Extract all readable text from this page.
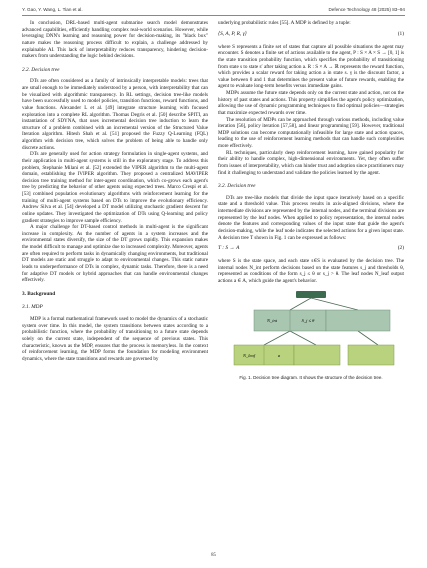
Y. Gao, Y. Wang, L. Tian et al.	Defence Technology 48 (2025) 83–94

In conclusion, DRL-based multi-agent submarine search model demonstrates advanced capabilities, efficiently handling complex real-world scenarios. However, while leveraging DNN's learning and reasoning power for decision-making, its "black box" nature makes the reasoning process difficult to explain, a challenge addressed by explainable AI. This lack of interpretability reduces transparency, hindering decision-makers from understanding the logic behind decisions.

2.2. Decision tree

DTs are often considered as a family of intrinsically interpretable models: trees that are small enough to be immediately understood by a person, with interpretability that can be visualized with algorithmic transparency. In RL settings, decision tree-like models have been successfully used to model policies, transition functions, reward functions, and value functions. Alexander L et al. [49] integrate structure learning with focused exploration into a complete RL algorithm. Thomas Degris et al. [50] describe SPITI, an instantiation of SDYNA, that uses incremental decision tree induction to learn the structure of a problem combined with an incremental version of the Structured Value Iteration algorithm. Hitesh Shah et al. [51] proposed the Fuzzy Q-Learning (FQL) algorithm with decision tree, which solves the problem of being able to handle only discrete actions.

DTs are generally used for action strategy formulation in single-agent systems, and their application in multi-agent systems is still in the exploratory stage. To address this problem, Stephanie Milani et al. [52] extended the VIPER algorithm to the multi-agent domain, establishing the IVIPER algorithm. They proposed a centralized MAVIPER decision tree training method for inter-agent coordination, which co-grows each agent's tree by predicting the behavior of other agents using expected trees. Marco Crespi et al. [53] combined population evolutionary algorithms with reinforcement learning for the training of multi-agent systems based on DTs to improve the evolutionary efficiency. Andrew Silva et al. [54] developed a DT model utilizing stochastic gradient descent for online updates. They investigated the optimization of DTs using Q-learning and policy gradient strategies to improve sample efficiency.

A major challenge for DT-based control methods in multi-agent is the significant increase in complexity. As the number of agents in a system increases and the environmental states diversify, the size of the DT grows rapidly. This expansion makes the model difficult to manage and optimize due to increased complexity. Moreover, agents are often required to perform tasks in dynamically changing environments, but traditional DT models are static and struggle to adapt to environmental changes. This static nature leads to underperformance of DTs in complex, dynamic tasks. Therefore, there is a need for adaptive DT models or hybrid approaches that can handle environmental changes effectively.

3. Background
3.1. MDP

MDP is a formal mathematical framework used to model the dynamics of a stochastic system over time. In this model, the system transitions between states according to a probabilistic function, where the probability of transitioning to a future state depends solely on the current state, independent of the sequence of previous states. This characteristic, known as the MDP, ensures that the process is memoryless. In the context of reinforcement learning, the MDP forms the foundation for modeling environment dynamics, where the state transitions and rewards are governed by

underlying probabilistic rules [55]. A MDP is defined by a tuple:

⟨S, A, P, R, γ⟩	(1)

where S represents a finite set of states that capture all possible situations the agent may encounter. S denotes a finite set of actions available to the agent, P : S × A × S → [0, 1] is the state transition probability function, which specifies the probability of transitioning from state s to state s′ after taking action a. R : S × A → ℝ represents the reward function, which provides a scalar reward for taking action a in state s. γ is the discount factor, a value between 0 and 1 that determines the present value of future rewards, enabling the agent to evaluate long-term benefits versus immediate gains.

MDPs assume the future state depends only on the current state and action, not on the history of past states and actions. This property simplifies the agent's policy optimization, allowing the use of dynamic programming techniques to find optimal policies—strategies that maximize expected rewards over time.

The resolution of MDPs can be approached through various methods, including value iteration [56], policy iteration [57,58], and linear programming [59]. However, traditional MDP solutions can become computationally infeasible for large state and action spaces, leading to the use of reinforcement learning methods that can handle such complexities more effectively.

RL techniques, particularly deep reinforcement learning, have gained popularity for their ability to handle complex, high-dimensional environments. Yet, they often suffer from issues of interpretability, which can hinder trust and adoption since practitioners may find it challenging to understand and validate the policies learned by the agent.

3.2. Decision tree

DTs are tree-like models that divide the input space iteratively based on a specific state and a threshold value. This process results in axis-aligned divisions, where the intermediate divisions are represented by the internal nodes, and the terminal divisions are represented by the leaf nodes. When applied to policy representation, the internal nodes denote the features and corresponding values of the input state that guide the agent's decision-making, while the leaf node indicates the selected actions for a given input state. A decision tree T shown in Fig. 1 can be expressed as follows:

T : S → A	(2)

where S is the state space, and each state s∈S is evaluated by the decision tree. The internal nodes N_int perform decisions based on the state features s_j and thresholds θ, represented as conditions of the form s_j ≤ θ or s_j > θ. The leaf nodes N_leaf output actions a ∈ A, which guide the agent's behavior.

N_int	S_j ≤ θ
N_leaf	a
Fig. 1. Decision tree diagram. It shows the structure of the decision tree.
85
